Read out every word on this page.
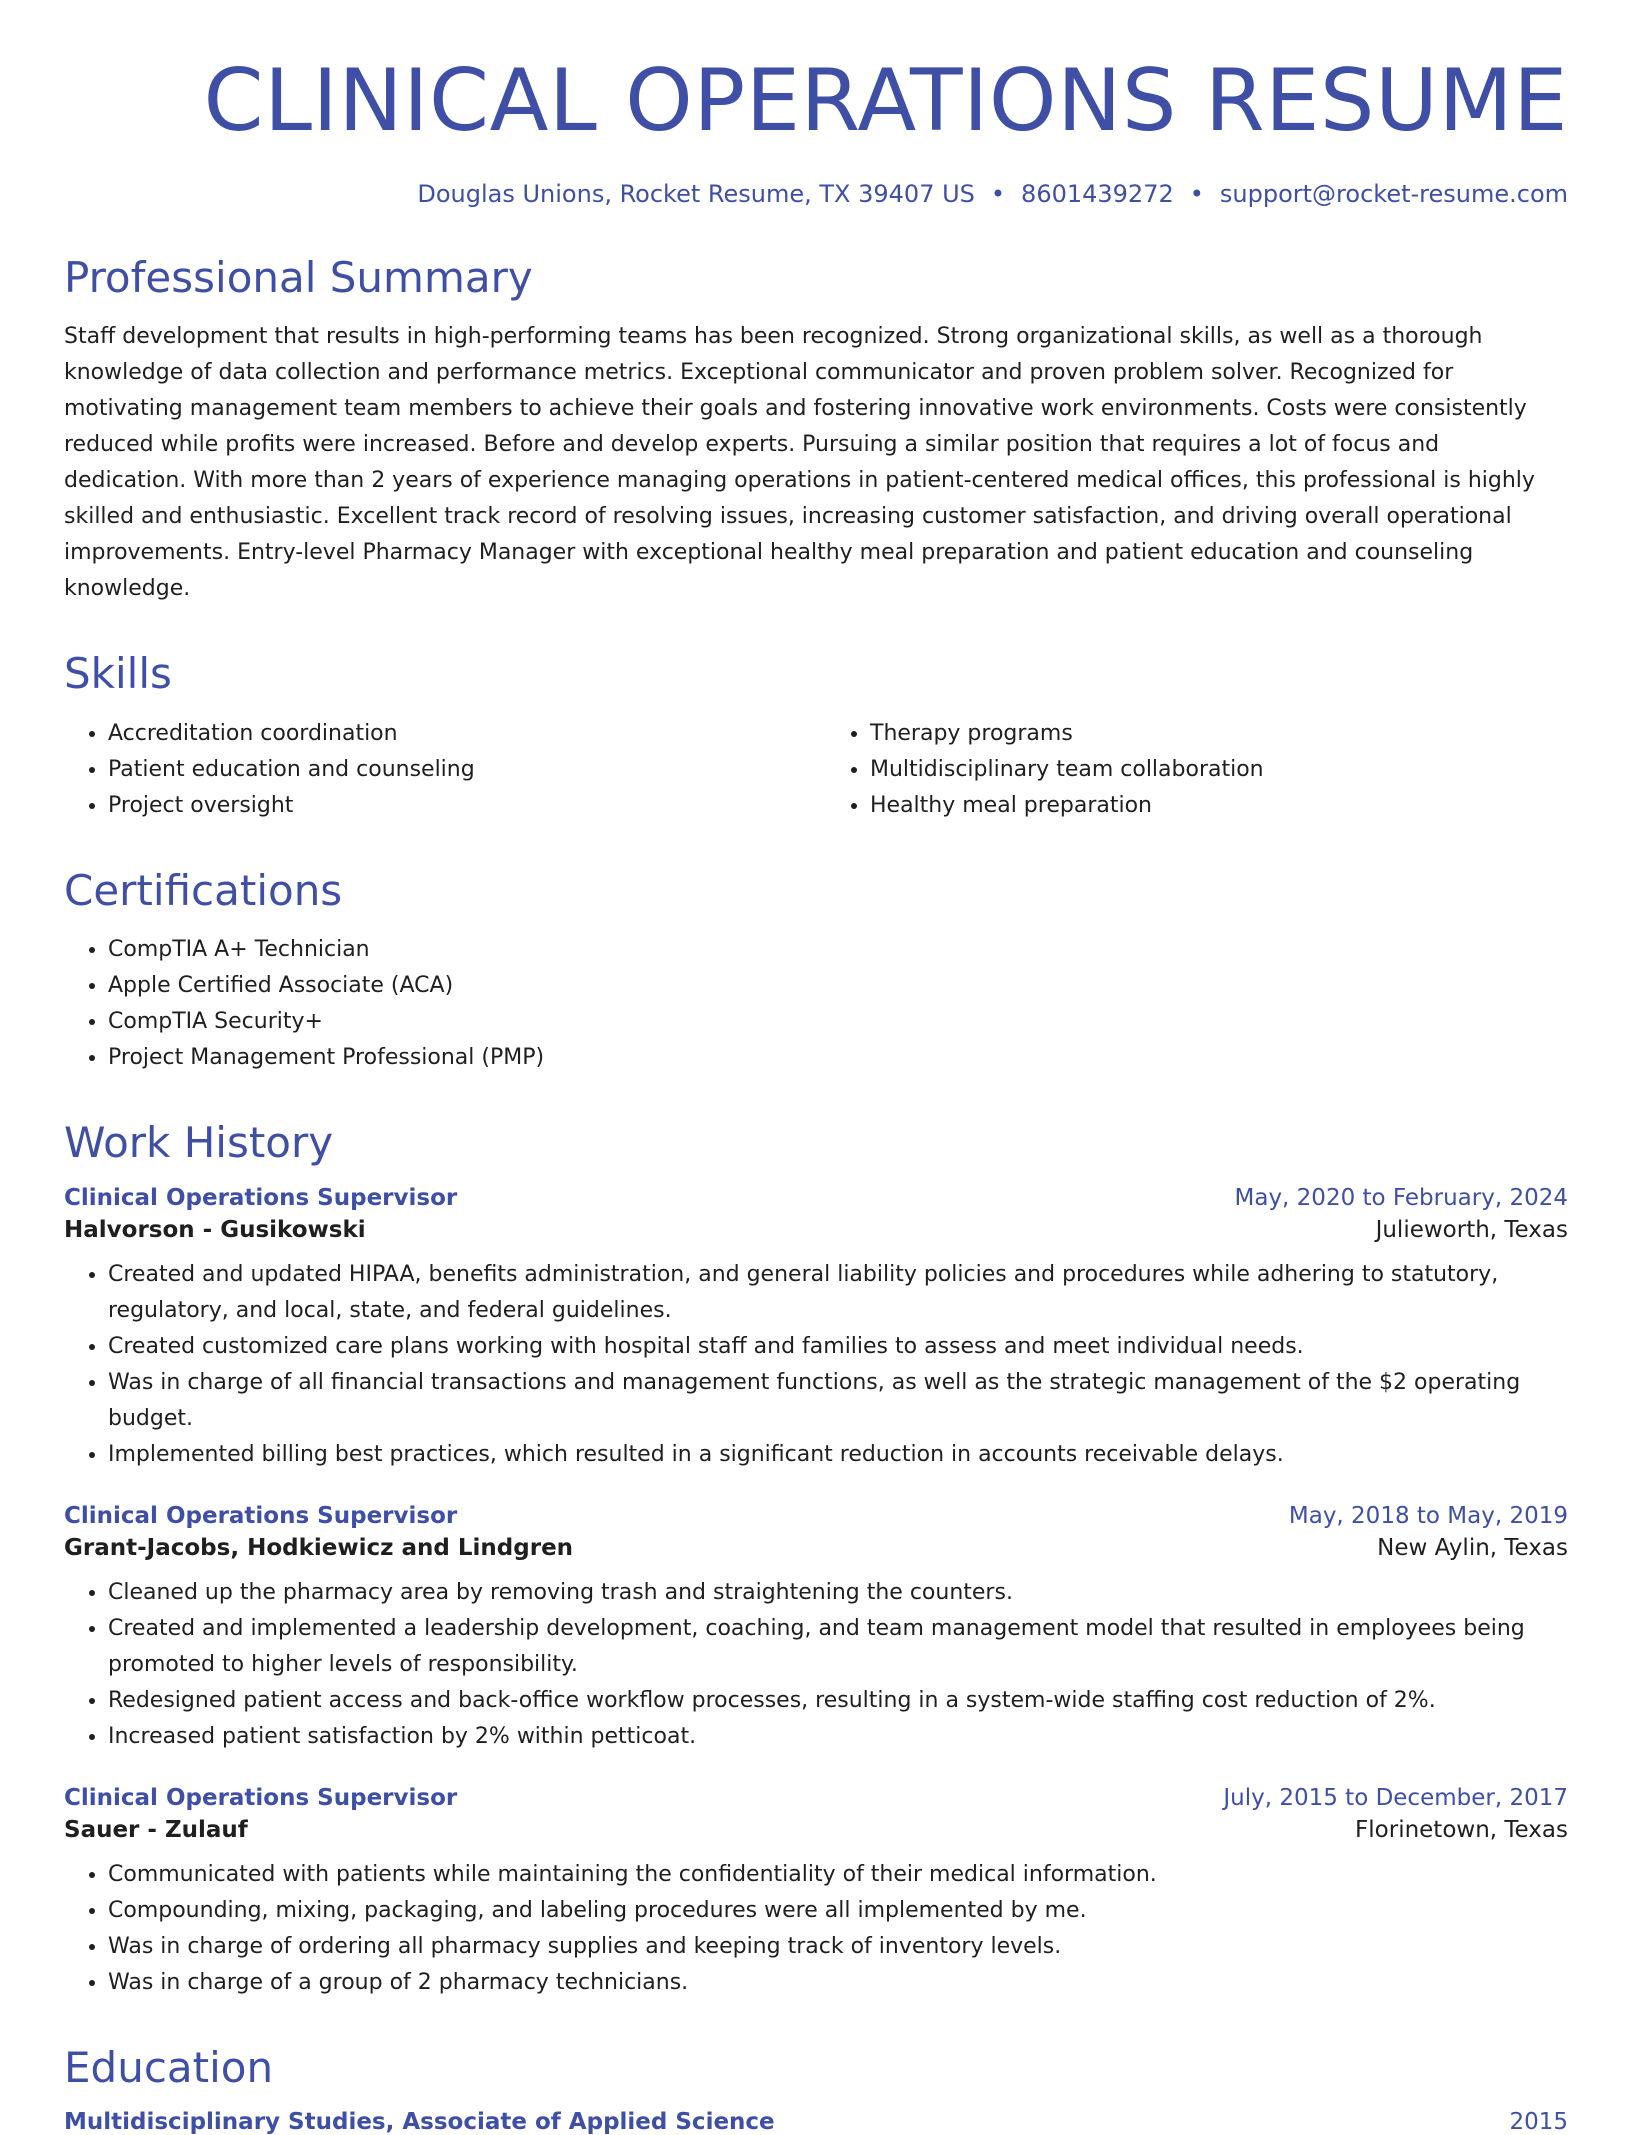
CLINICAL OPERATIONS RESUME
Douglas Unions, Rocket Resume, TX 39407 US • 8601439272 • support@rocket-resume.com
Professional Summary

Staff development that results in high-performing teams has been recognized. Strong organizational skills, as well as a thorough knowledge of data collection and performance metrics. Exceptional communicator and proven problem solver. Recognized for motivating management team members to achieve their goals and fostering innovative work environments. Costs were consistently reduced while profits were increased. Before and develop experts. Pursuing a similar position that requires a lot of focus and dedication. With more than 2 years of experience managing operations in patient-centered medical offices, this professional is highly skilled and enthusiastic. Excellent track record of resolving issues, increasing customer satisfaction, and driving overall operational improvements. Entry-level Pharmacy Manager with exceptional healthy meal preparation and patient education and counseling knowledge.

Skills
• Accreditation coordination
• Patient education and counseling
• Project oversight
• Therapy programs
• Multidisciplinary team collaboration
• Healthy meal preparation
Certifications
• CompTIA A+ Technician
• Apple Certified Associate (ACA)
• CompTIA Security+
• Project Management Professional (PMP)
Work History
Clinical Operations Supervisor	May, 2020 to February, 2024
Halvorson - Gusikowski	Julieworth, Texas
• Created and updated HIPAA, benefits administration, and general liability policies and procedures while adhering to statutory, regulatory, and local, state, and federal guidelines.
• Created customized care plans working with hospital staff and families to assess and meet individual needs.
• Was in charge of all financial transactions and management functions, as well as the strategic management of the $2 operating budget.
• Implemented billing best practices, which resulted in a significant reduction in accounts receivable delays.
Clinical Operations Supervisor	May, 2018 to May, 2019
Grant-Jacobs, Hodkiewicz and Lindgren	New Aylin, Texas
• Cleaned up the pharmacy area by removing trash and straightening the counters.
• Created and implemented a leadership development, coaching, and team management model that resulted in employees being promoted to higher levels of responsibility.
• Redesigned patient access and back-office workflow processes, resulting in a system-wide staffing cost reduction of 2%.
• Increased patient satisfaction by 2% within petticoat.
Clinical Operations Supervisor	July, 2015 to December, 2017
Sauer - Zulauf	Florinetown, Texas
• Communicated with patients while maintaining the confidentiality of their medical information.
• Compounding, mixing, packaging, and labeling procedures were all implemented by me.
• Was in charge of ordering all pharmacy supplies and keeping track of inventory levels.
• Was in charge of a group of 2 pharmacy technicians.
Education
Multidisciplinary Studies, Associate of Applied Science	2015
